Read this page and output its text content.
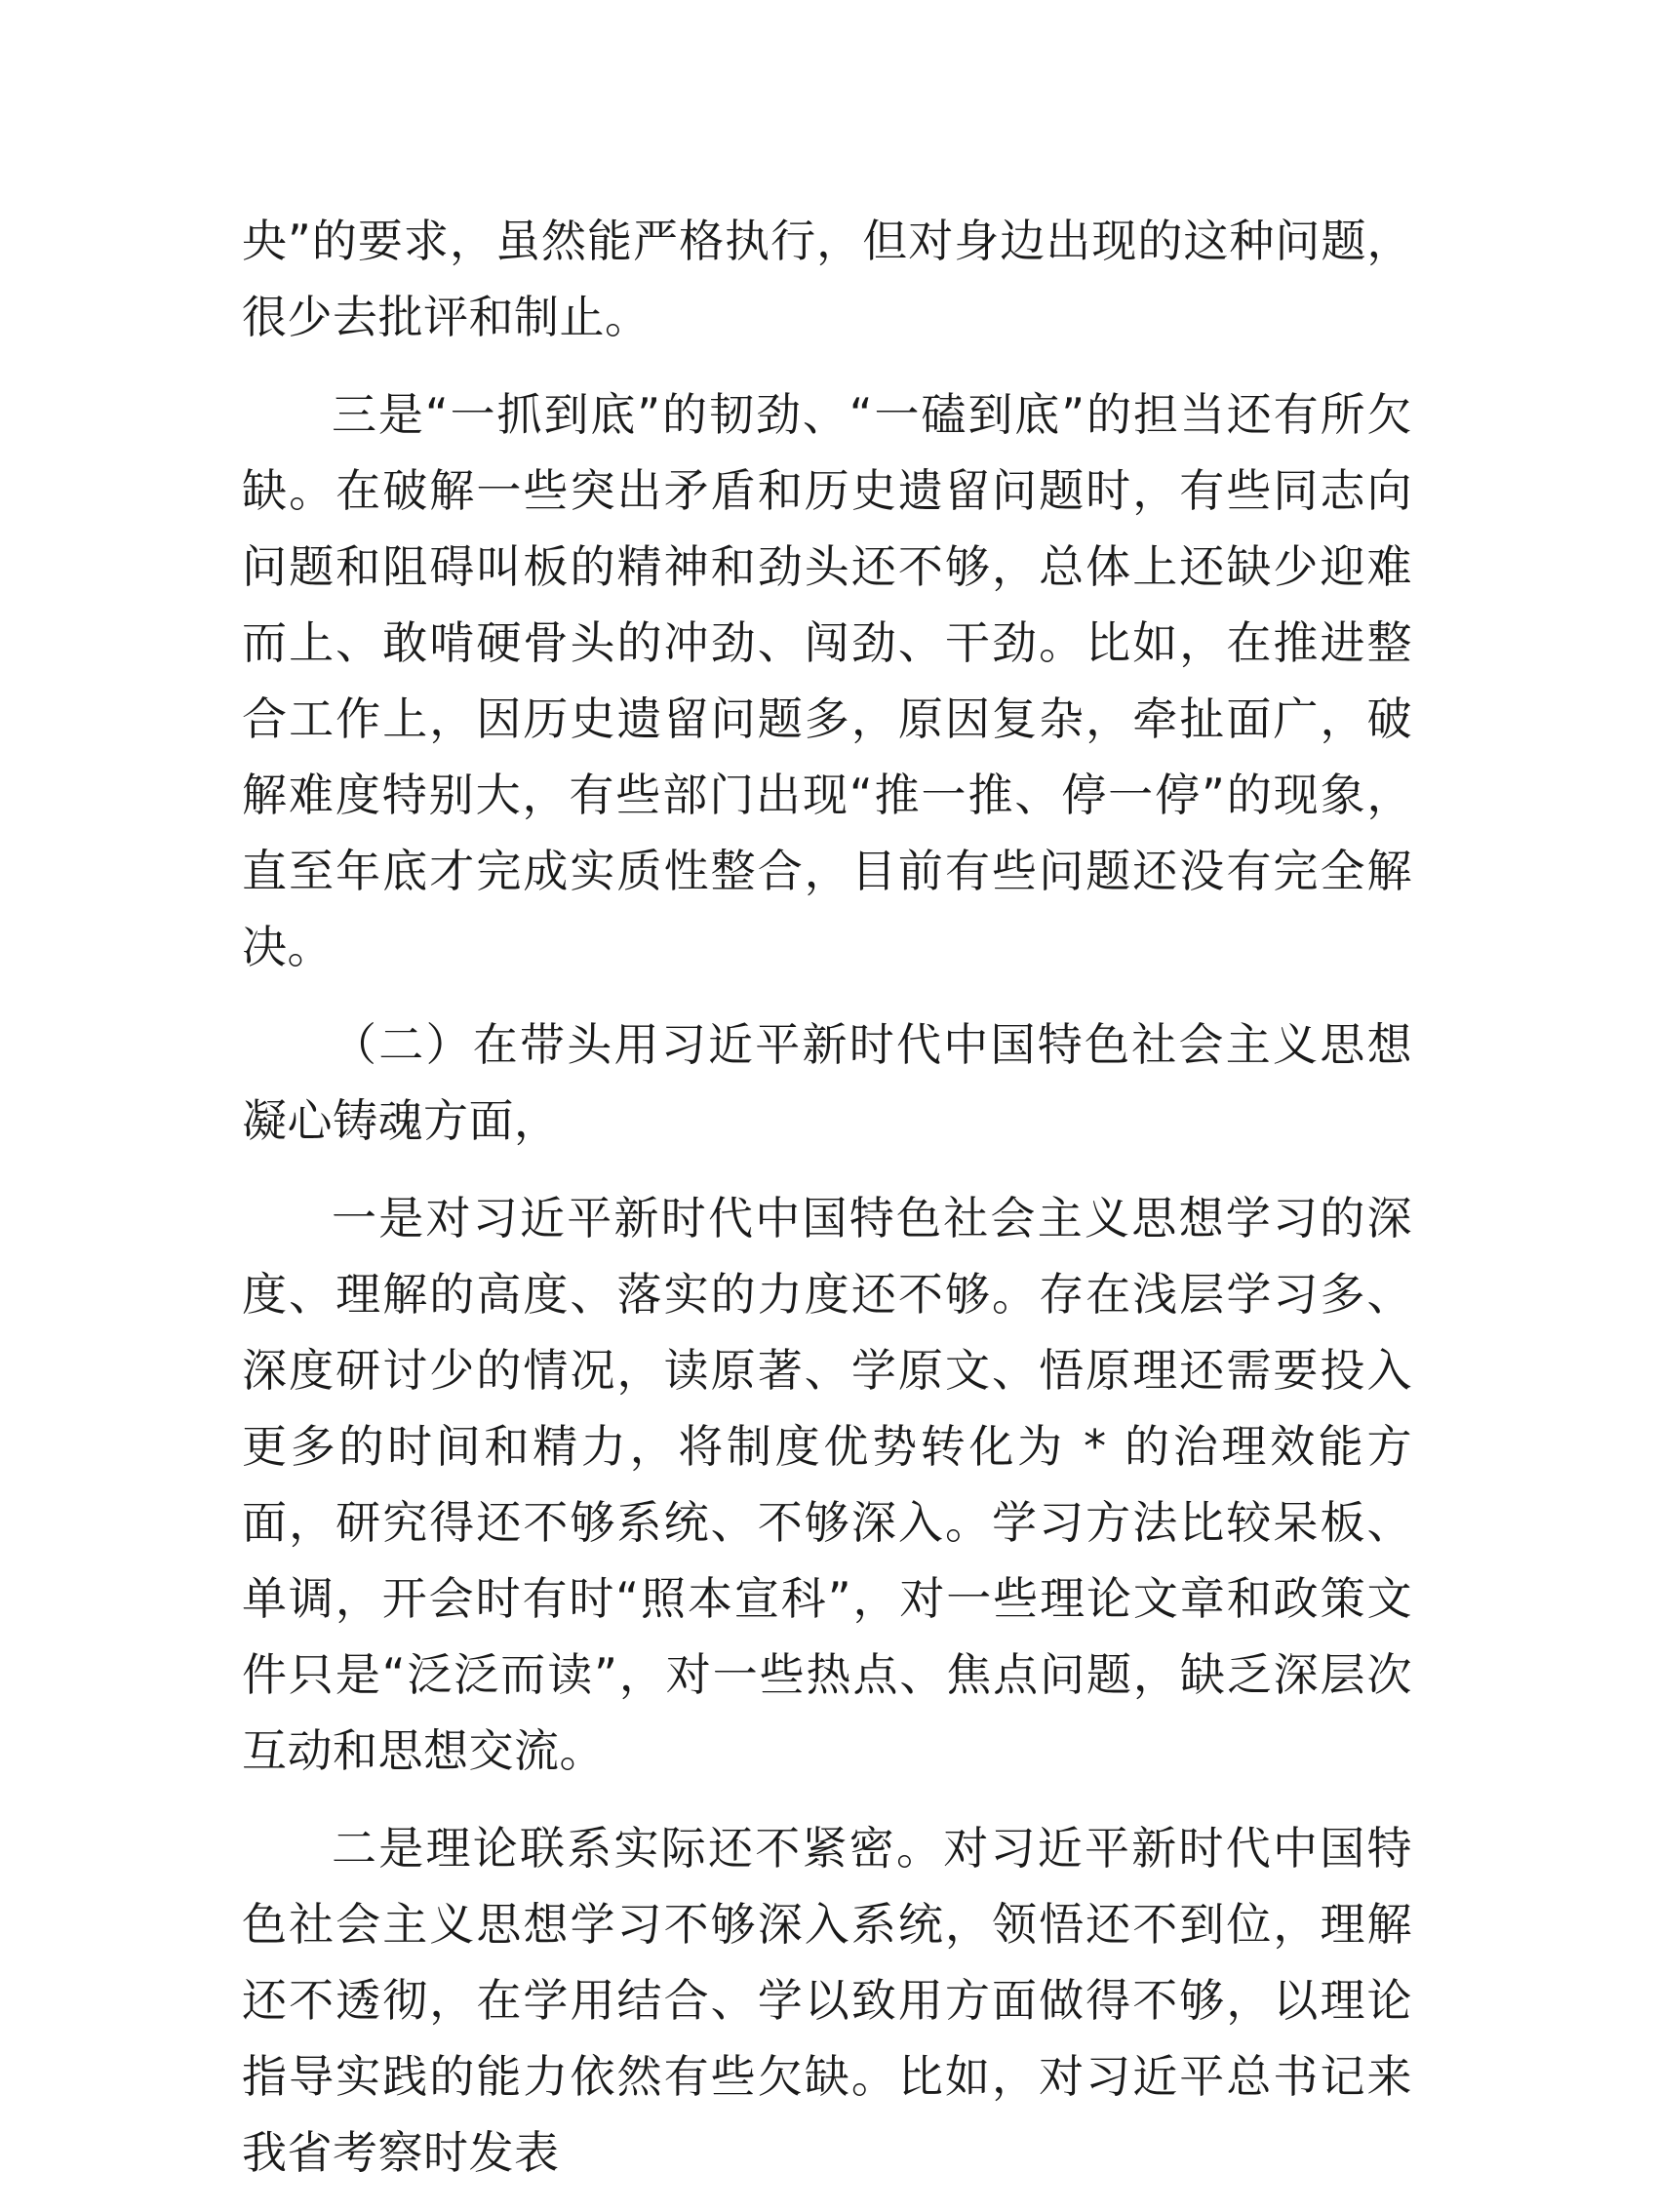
央”的要求，虽然能严格执行，但对身边出现的这种问题，很少去批评和制止。

三是“一抓到底”的韧劲、“一磕到底”的担当还有所欠缺。在破解一些突出矛盾和历史遗留问题时，有些同志向问题和阻碍叫板的精神和劲头还不够，总体上还缺少迎难而上、敢啃硬骨头的冲劲、闯劲、干劲。比如，在推进整合工作上，因历史遗留问题多，原因复杂，牵扯面广，破解难度特别大，有些部门出现“推一推、停一停”的现象，直至年底才完成实质性整合，目前有些问题还没有完全解决。

（二）在带头用习近平新时代中国特色社会主义思想凝心铸魂方面，

一是对习近平新时代中国特色社会主义思想学习的深度、理解的高度、落实的力度还不够。存在浅层学习多、深度研讨少的情况，读原著、学原文、悟原理还需要投入更多的时间和精力，将制度优势转化为 * 的治理效能方面，研究得还不够系统、不够深入。学习方法比较呆板、单调，开会时有时“照本宣科”，对一些理论文章和政策文件只是“泛泛而读”，对一些热点、焦点问题，缺乏深层次互动和思想交流。

二是理论联系实际还不紧密。对习近平新时代中国特色社会主义思想学习不够深入系统，领悟还不到位，理解还不透彻，在学用结合、学以致用方面做得不够，以理论指导实践的能力依然有些欠缺。比如，对习近平总书记来我省考察时发表
